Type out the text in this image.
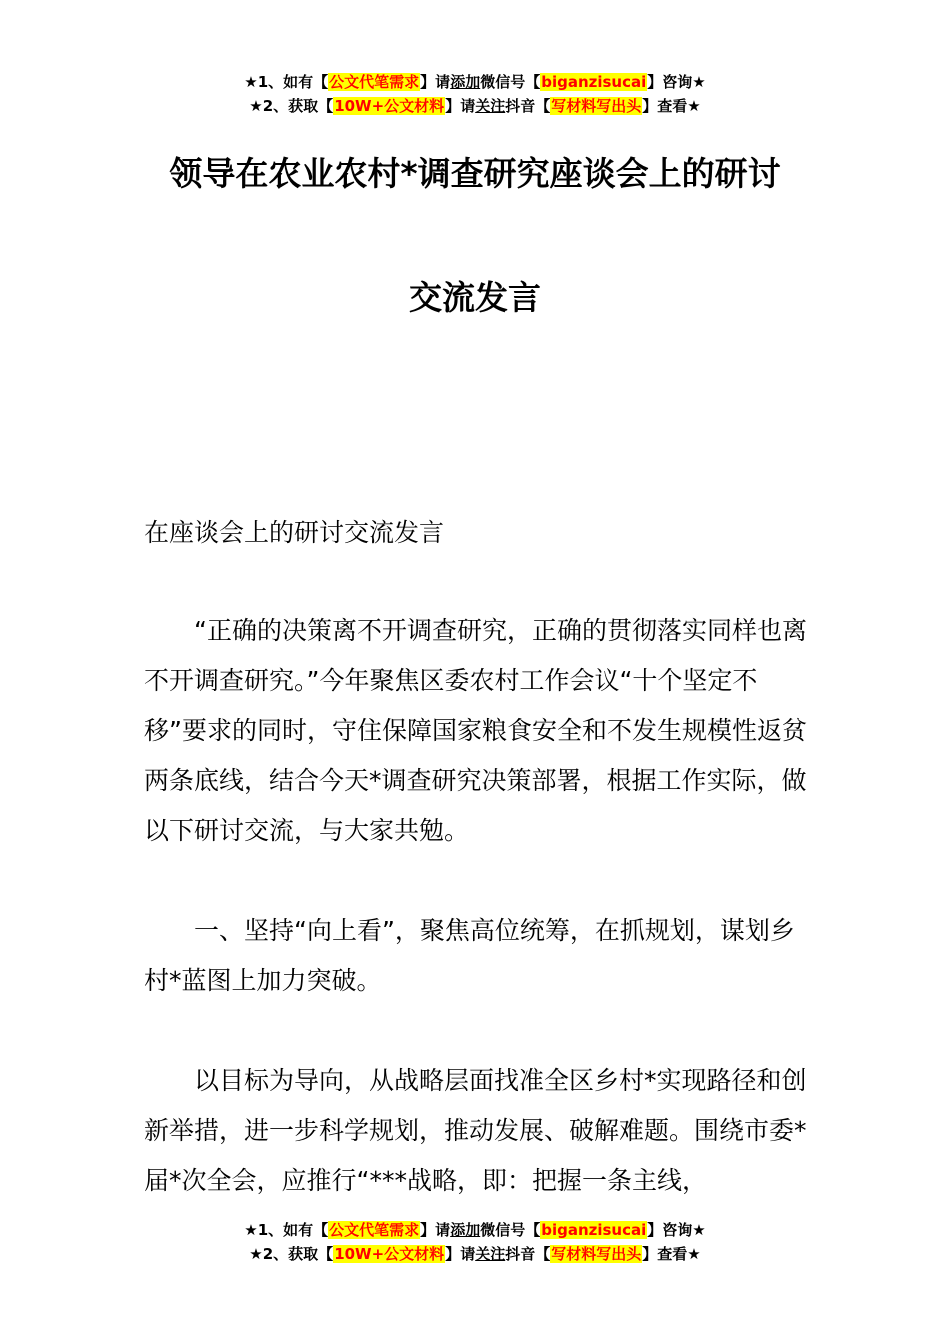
★1、如有【公文代笔需求】请添加微信号【biganzisucai】咨询★
★2、获取【10W+公文材料】请关注抖音【写材料写出头】查看★
领导在农业农村*调查研究座谈会上的研讨
交流发言

在座谈会上的研讨交流发言

“正确的决策离不开调查研究，正确的贯彻落实同样也离不开调查研究。”今年聚焦区委农村工作会议“十个坚定不移”要求的同时，守住保障国家粮食安全和不发生规模性返贫两条底线，结合今天*调查研究决策部署，根据工作实际，做以下研讨交流，与大家共勉。

一、坚持“向上看”，聚焦高位统筹，在抓规划，谋划乡村*蓝图上加力突破。

以目标为导向，从战略层面找准全区乡村*实现路径和创新举措，进一步科学规划，推动发展、破解难题。围绕市委*届*次全会，应推行“***战略，即：把握一条主线，

★1、如有【公文代笔需求】请添加微信号【biganzisucai】咨询★
★2、获取【10W+公文材料】请关注抖音【写材料写出头】查看★
